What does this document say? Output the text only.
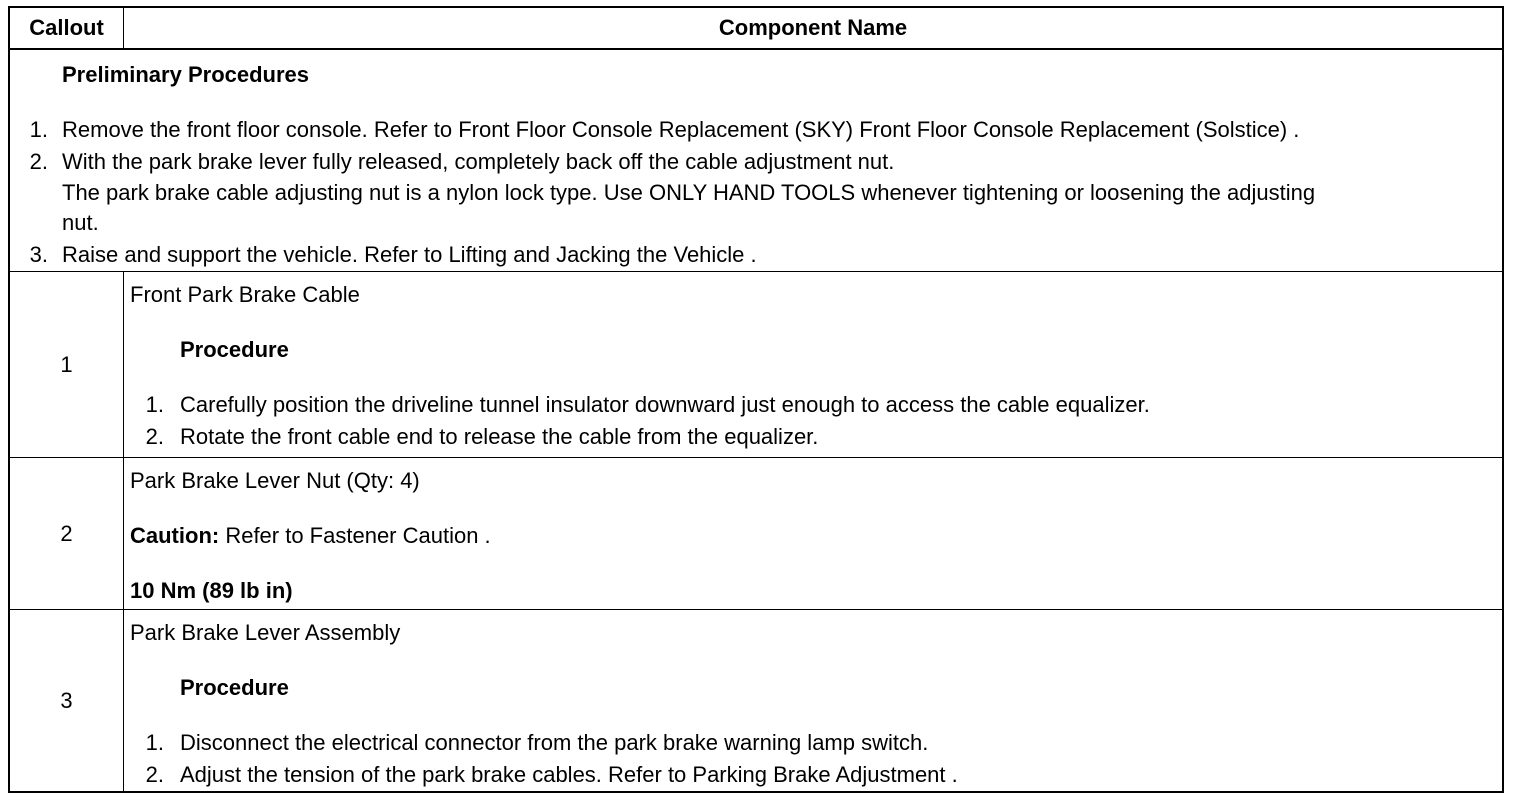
Callout	Component Name
Preliminary Procedures
1. Remove the front floor console. Refer to Front Floor Console Replacement (SKY) Front Floor Console Replacement (Solstice) .
2. With the park brake lever fully released, completely back off the cable adjustment nut.
The park brake cable adjusting nut is a nylon lock type. Use ONLY HAND TOOLS whenever tightening or loosening the adjusting
nut.
3. Raise and support the vehicle. Refer to Lifting and Jacking the Vehicle .
1
Front Park Brake Cable
Procedure
1. Carefully position the driveline tunnel insulator downward just enough to access the cable equalizer.
2. Rotate the front cable end to release the cable from the equalizer.
2
Park Brake Lever Nut (Qty: 4)
Caution: Refer to Fastener Caution .
10 Nm (89 lb in)
3
Park Brake Lever Assembly
Procedure
1. Disconnect the electrical connector from the park brake warning lamp switch.
2. Adjust the tension of the park brake cables. Refer to Parking Brake Adjustment .
